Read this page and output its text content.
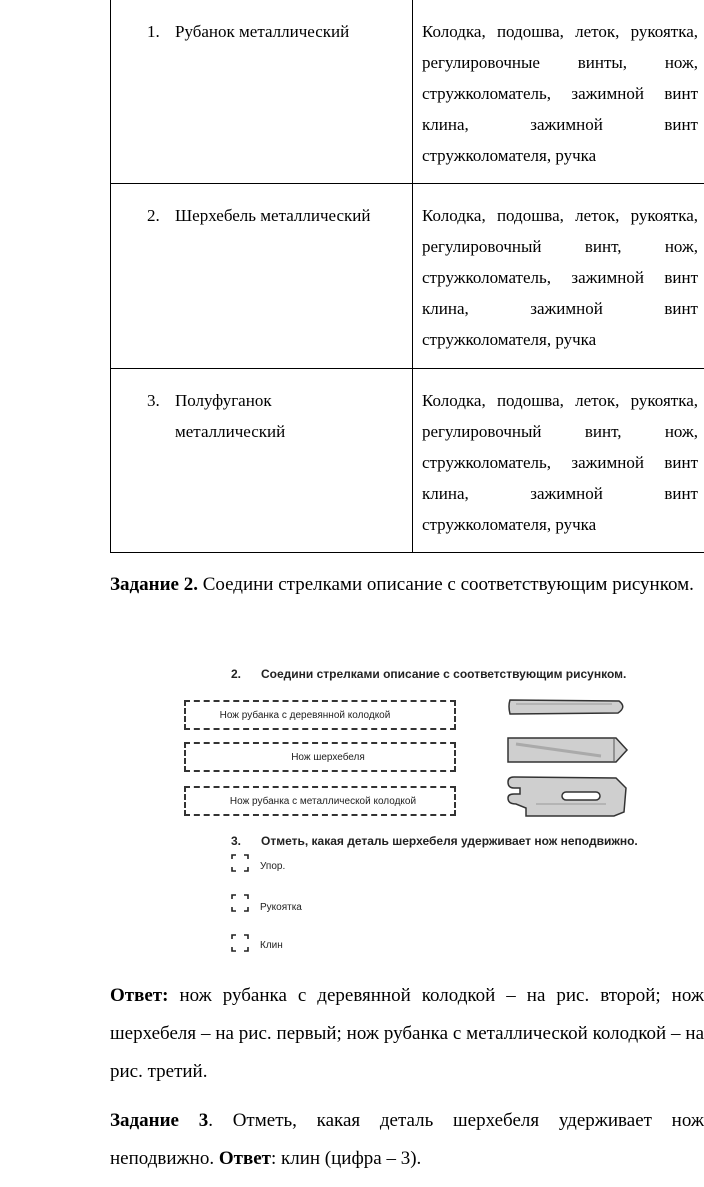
1. Рубанок металлический	Колодка, подошва, леток, рукоятка, регулировочные винты, нож, стружколоматель, зажимной винт клина, зажимной винт стружколомателя, ручка

2. Шерхебель металлический	Колодка, подошва, леток, рукоятка, регулировочный винт, нож, стружколоматель, зажимной винт клина, зажимной винт стружколомателя, ручка

3. Полуфуганок
металлический	Колодка, подошва, леток, рукоятка, регулировочный винт, нож, стружколоматель, зажимной винт клина, зажимной винт стружколомателя, ручка
Задание 2. Соедини стрелками описание с соответствующим рисунком.
2. Соедини стрелками описание с соответствующим рисунком.
Нож рубанка с деревянной колодкой
Нож шерхебеля
Нож рубанка с металлической колодкой
3. Отметь, какая деталь шерхебеля удерживает нож неподвижно.
Упор.
Рукоятка
Клин
Ответ: нож рубанка с деревянной колодкой – на рис. второй; нож шерхебеля – на рис. первый; нож рубанка с металлической колодкой – на рис. третий.
Задание 3. Отметь, какая деталь шерхебеля удерживает нож неподвижно. Ответ: клин (цифра – 3).
